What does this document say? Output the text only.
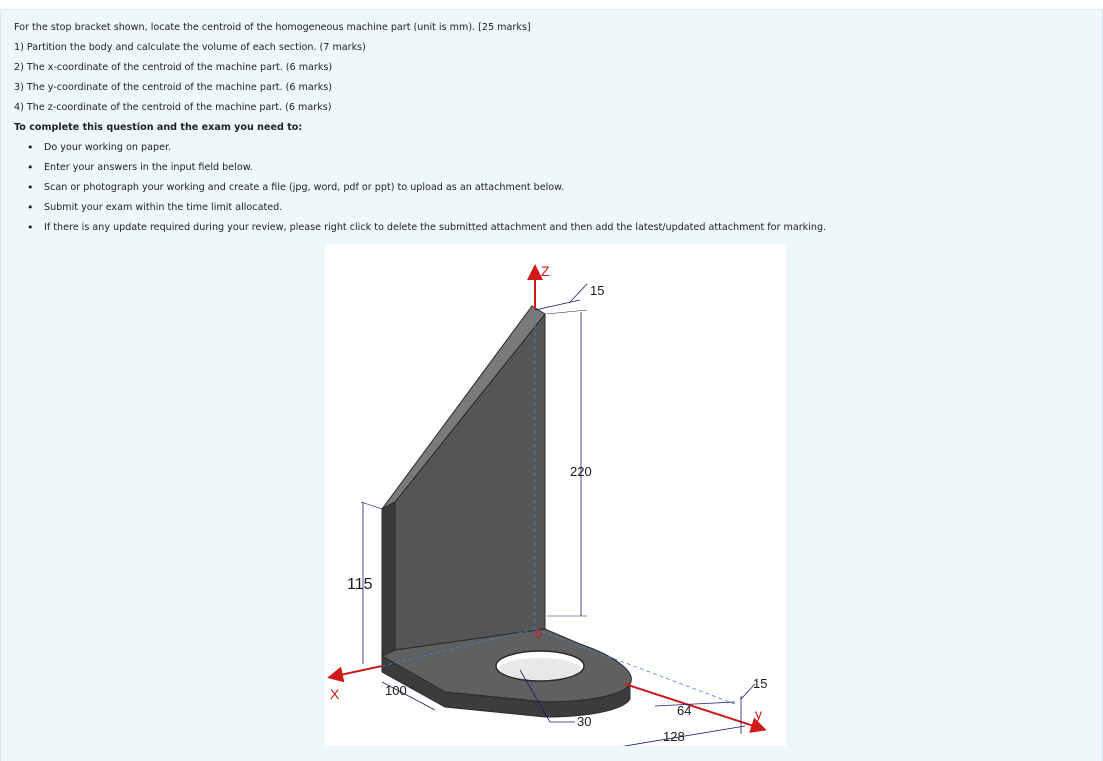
For the stop bracket shown, locate the centroid of the homogeneous machine part (unit is mm). [25 marks]
1) Partition the body and calculate the volume of each section. (7 marks)
2) The x-coordinate of the centroid of the machine part. (6 marks)
3) The y-coordinate of the centroid of the machine part. (6 marks)
4) The z-coordinate of the centroid of the machine part. (6 marks)
To complete this question and the exam you need to:
• Do your working on paper.
• Enter your answers in the input field below.
• Scan or photograph your working and create a file (jpg, word, pdf or ppt) to upload as an attachment below.
• Submit your exam within the time limit allocated.
• If there is any update required during your review, please right click to delete the submitted attachment and then add the latest/updated attachment for marking.
Z
X
y
0
15
220
115
100
30
64
128
15
